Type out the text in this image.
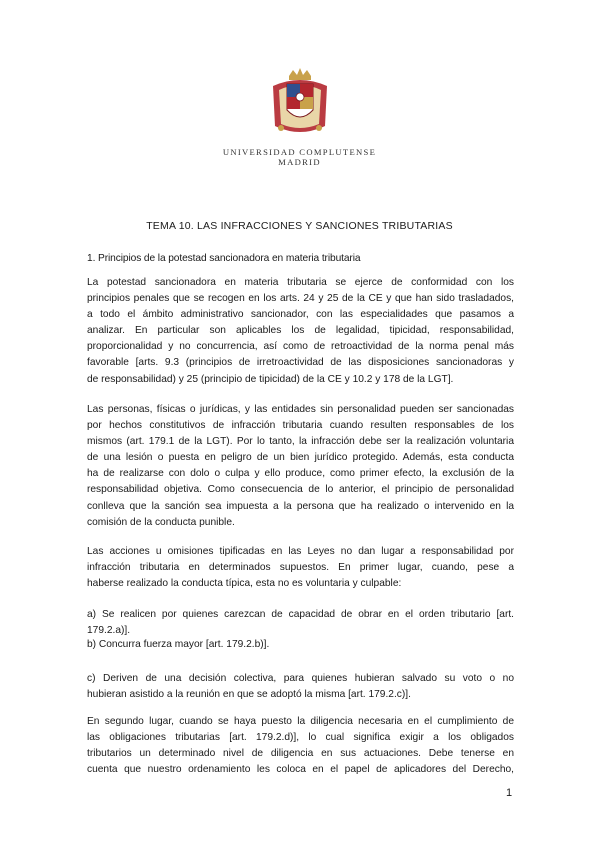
UNIVERSIDAD COMPLUTENSE
MADRID
TEMA 10. LAS INFRACCIONES Y SANCIONES TRIBUTARIAS
1. Principios de la potestad sancionadora en materia tributaria
La potestad sancionadora en materia tributaria se ejerce de conformidad con los
principios penales que se recogen en los arts. 24 y 25 de la CE y que han sido trasladados,
a todo el ámbito administrativo sancionador, con las especialidades que pasamos a
analizar. En particular son aplicables los de legalidad, tipicidad, responsabilidad,
proporcionalidad y no concurrencia, así como de retroactividad de la norma penal más
favorable [arts. 9.3 (principios de irretroactividad de las disposiciones sancionadoras y
de responsabilidad) y 25 (principio de tipicidad) de la CE y 10.2 y 178 de la LGT].
Las personas, físicas o jurídicas, y las entidades sin personalidad pueden ser sancionadas
por hechos constitutivos de infracción tributaria cuando resulten responsables de los
mismos (art. 179.1 de la LGT). Por lo tanto, la infracción debe ser la realización voluntaria
de una lesión o puesta en peligro de un bien jurídico protegido. Además, esta conducta
ha de realizarse con dolo o culpa y ello produce, como primer efecto, la exclusión de la
responsabilidad objetiva. Como consecuencia de lo anterior, el principio de personalidad
conlleva que la sanción sea impuesta a la persona que ha realizado o intervenido en la
comisión de la conducta punible.
Las acciones u omisiones tipificadas en las Leyes no dan lugar a responsabilidad por
infracción tributaria en determinados supuestos. En primer lugar, cuando, pese a
haberse realizado la conducta típica, esta no es voluntaria y culpable:
a) Se realicen por quienes carezcan de capacidad de obrar en el orden tributario [art.
179.2.a)].
b) Concurra fuerza mayor [art. 179.2.b)].
c) Deriven de una decisión colectiva, para quienes hubieran salvado su voto o no
hubieran asistido a la reunión en que se adoptó la misma [art. 179.2.c)].
En segundo lugar, cuando se haya puesto la diligencia necesaria en el cumplimiento de
las obligaciones tributarias [art. 179.2.d)], lo cual significa exigir a los obligados
tributarios un determinado nivel de diligencia en sus actuaciones. Debe tenerse en
cuenta que nuestro ordenamiento les coloca en el papel de aplicadores del Derecho,
1
